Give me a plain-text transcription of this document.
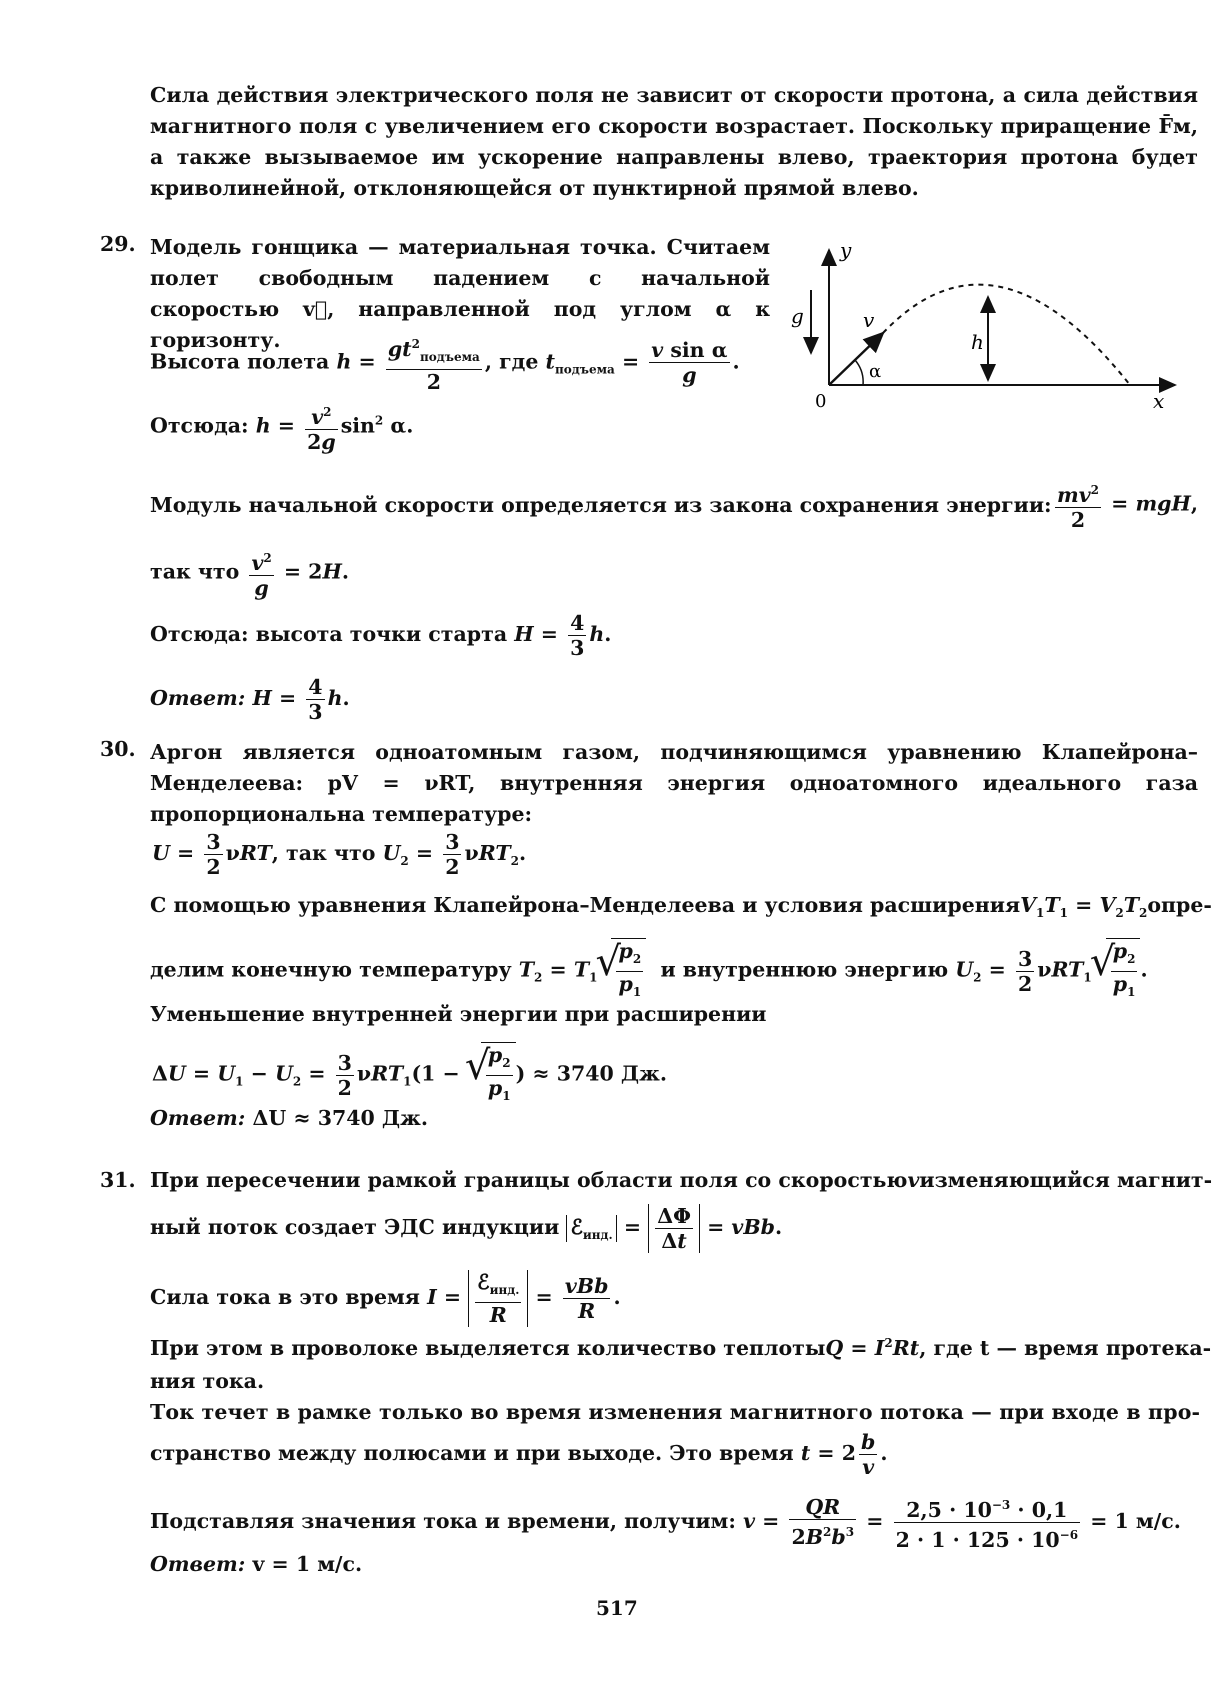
Сила действия электрического поля не зависит от скорости протона, а сила действия магнитного поля с увеличением его скорости возрастает. Поскольку приращение F̄м, а также вызываемое им ускорение направлены влево, траектория протона будет криволинейной, отклоняющейся от пунктирной прямой влево.
29. Модель гонщика — материальная точка. Считаем полет свободным падением с начальной скоростью v⃗, направленной под углом α к горизонту.
Высота полета $h = \frac{gt^2_{подъема}}{2}$ , где $t_{подъема} = \frac{\text{v sin α}}{g}$ .
Отсюда: $h = \frac{v^2}{2g} \sin^2 \alpha$.
y
x
0
g	v
h
α
Модуль начальной скорости определяется из закона сохранения энергии: $\frac{mv^2}{2}$ = mgH,
так что $\frac{v^2}{g} = 2H$.
Отсюда: высота точки старта $H = \frac{4}{3} h$.
Ответ: $H = \frac{4}{3} h$.
30. Аргон является одноатомным газом, подчиняющимся уравнению Клапейрона–Менделеева: pV = νRT, внутренняя энергия одноатомного идеального газа пропорциональна температуре:
$U = \frac{3}{2} \nu RT$, так что $U_2 = \frac{3}{2} \nu RT_2$.
С помощью уравнения Клапейрона–Менделеева и условия расширения $V_1T_1 = V_2T_2$ опре-
делим конечную температуру $T_2 = T_1$ √ $\frac{p_2}{p_1}$ и внутреннюю энергию $U_2 = \frac{3}{2} \nu RT_1$ √ $\frac{p_2}{p_1}$ .
Уменьшение внутренней энергии при расширении
$\Delta U = U_1 - U_2 = \frac{3}{2} \nu RT_1(1$ − √ $\frac{p_2}{p_1}$ ) ≈ 3740 Дж.
Ответ: ΔU ≈ 3740 Дж.
31. При пересечении рамкой границы области поля со скоростью v изменяющийся магнит-
ный поток создает ЭДС индукции ℰ$_{инд.}$ = $\frac{\Delta\Phi}{\Delta t}$ = vBb.
Сила тока в это время $I = \frac{ℰ_{инд.}}{R} = \frac{\text{vBb}}{R}$ .
При этом в проволоке выделяется количество теплоты $Q = I^2Rt$ , где t — время протека-
ния тока.
Ток течет в рамке только во время изменения магнитного потока — при входе в про-
странство между полюсами и при выходе. Это время $t = 2 \frac{b}{v}$ .
Подставляя значения тока и времени, получим: $v = \frac{QR}{2B^2b^3} = \frac{2,5 \cdot 10^{-3} \cdot 0,1}{2 \cdot 1 \cdot 125 \cdot 10^{-6}} = 1$ м/с.
Ответ: v = 1 м/с.
517
